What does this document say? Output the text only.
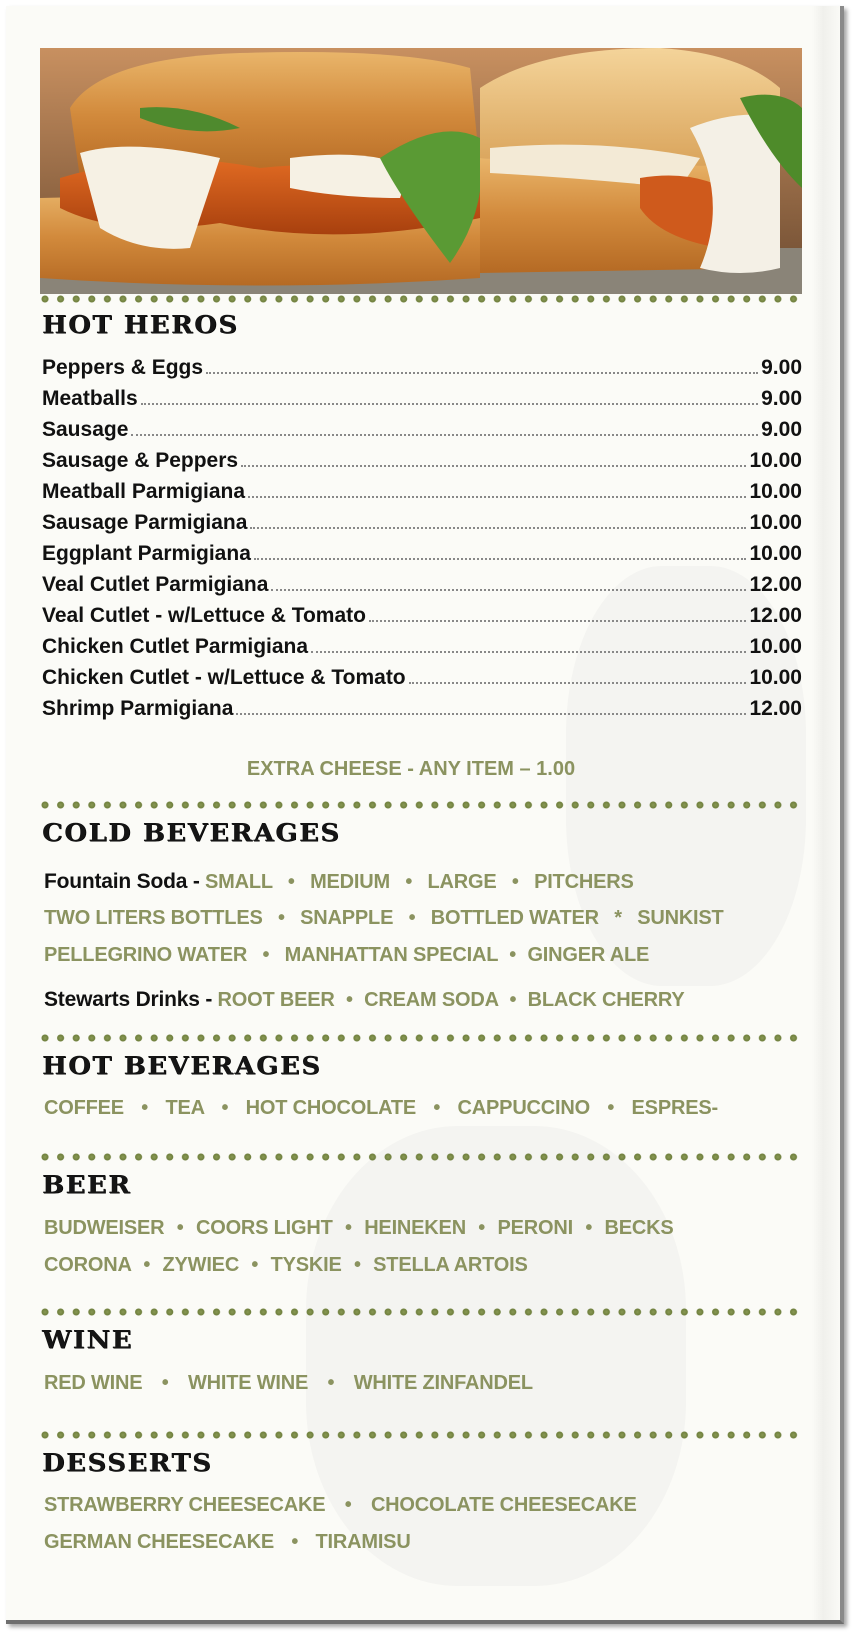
HOT HEROS
Peppers & Eggs	9.00
Meatballs	9.00
Sausage	9.00
Sausage & Peppers	10.00
Meatball Parmigiana	10.00
Sausage Parmigiana	10.00
Eggplant Parmigiana	10.00
Veal Cutlet Parmigiana	12.00
Veal Cutlet - w/Lettuce & Tomato	12.00
Chicken Cutlet Parmigiana	10.00
Chicken Cutlet - w/Lettuce & Tomato	10.00
Shrimp Parmigiana	12.00
EXTRA CHEESE - ANY ITEM – 1.00
COLD BEVERAGES
Fountain Soda - SMALL • MEDIUM • LARGE • PITCHERS
TWO LITERS BOTTLES • SNAPPLE • BOTTLED WATER * SUNKIST
PELLEGRINO WATER • MANHATTAN SPECIAL • GINGER ALE
Stewarts Drinks - ROOT BEER • CREAM SODA • BLACK CHERRY
HOT BEVERAGES
COFFEE • TEA • HOT CHOCOLATE • CAPPUCCINO • ESPRES-
BEER
BUDWEISER • COORS LIGHT • HEINEKEN • PERONI • BECKS
CORONA • ZYWIEC • TYSKIE • STELLA ARTOIS
WINE
RED WINE • WHITE WINE • WHITE ZINFANDEL
DESSERTS
STRAWBERRY CHEESECAKE • CHOCOLATE CHEESECAKE
GERMAN CHEESECAKE • TIRAMISU
